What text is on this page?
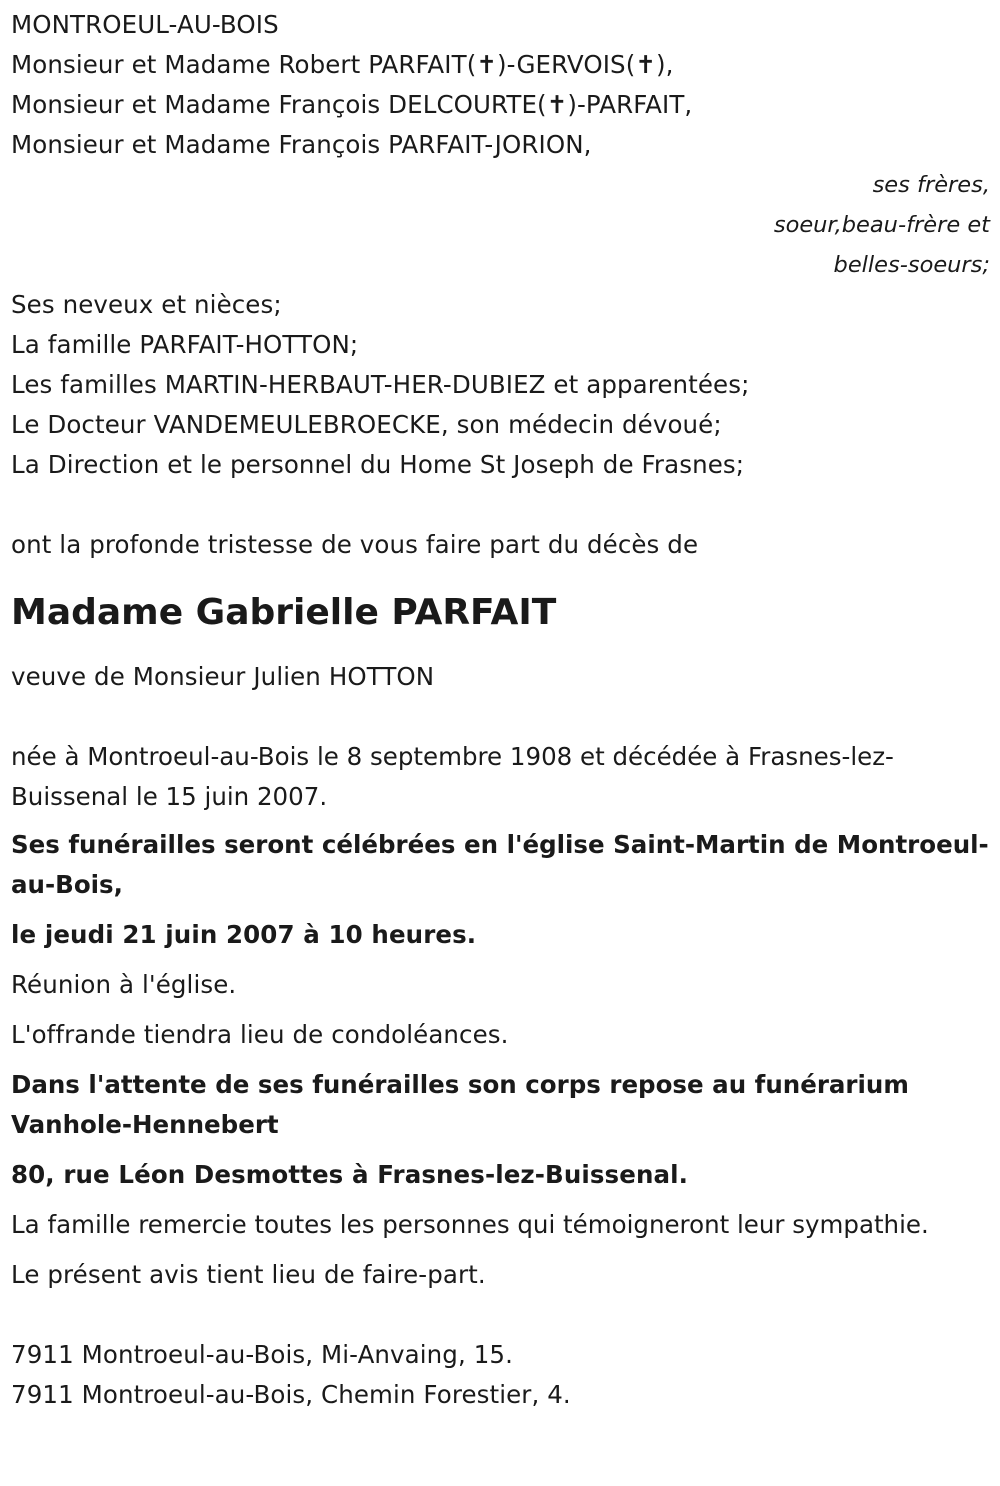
MONTROEUL-AU-BOIS
Monsieur et Madame Robert PARFAIT(✝)-GERVOIS(✝),
Monsieur et Madame François DELCOURTE(✝)-PARFAIT,
Monsieur et Madame François PARFAIT-JORION,
ses frères,
soeur,beau-frère et
belles-soeurs;
Ses neveux et nièces;
La famille PARFAIT-HOTTON;
Les familles MARTIN-HERBAUT-HER-DUBIEZ et apparentées;
Le Docteur VANDEMEULEBROECKE, son médecin dévoué;
La Direction et le personnel du Home St Joseph de Frasnes;
ont la profonde tristesse de vous faire part du décès de
Madame Gabrielle PARFAIT
veuve de Monsieur Julien HOTTON
née à Montroeul-au-Bois le 8 septembre 1908 et décédée à Frasnes-lez-Buissenal le 15 juin 2007.
Ses funérailles seront célébrées en l'église Saint-Martin de Montroeul-au-Bois,
le jeudi 21 juin 2007 à 10 heures.
Réunion à l'église.
L'offrande tiendra lieu de condoléances.
Dans l'attente de ses funérailles son corps repose au funérarium Vanhole-Hennebert
80, rue Léon Desmottes à Frasnes-lez-Buissenal.
La famille remercie toutes les personnes qui témoigneront leur sympathie.
Le présent avis tient lieu de faire-part.
7911 Montroeul-au-Bois, Mi-Anvaing, 15.
7911 Montroeul-au-Bois, Chemin Forestier, 4.
